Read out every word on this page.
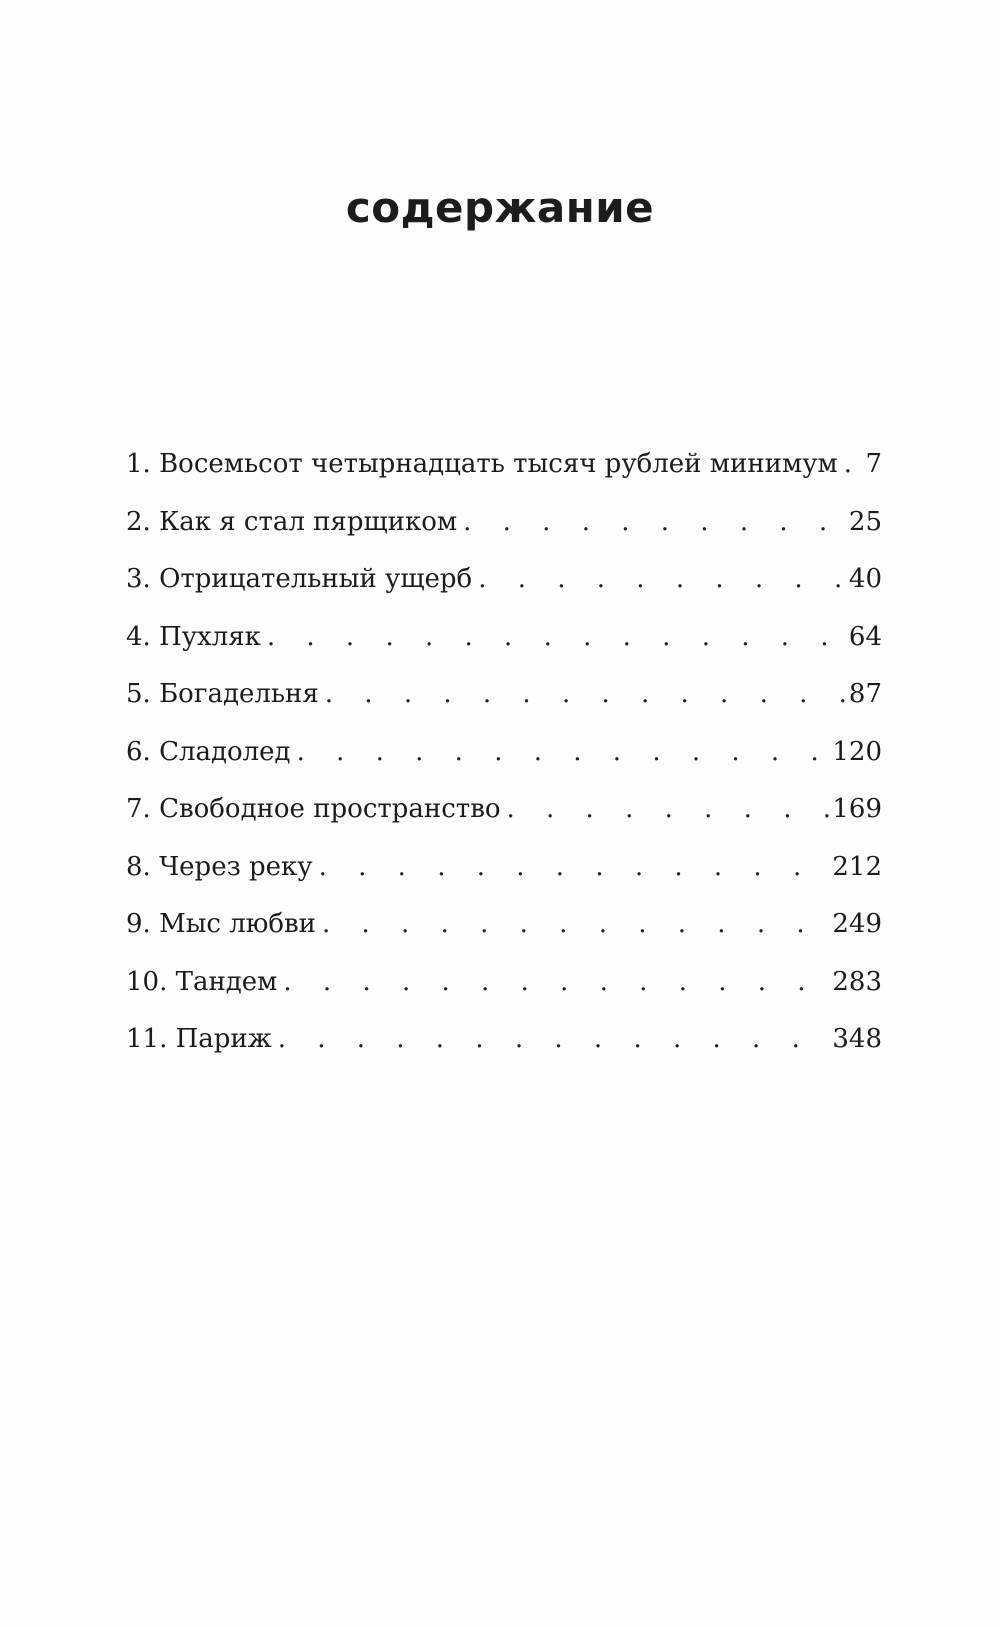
содержание
1. Восемьсот четырнадцать тысяч рублей минимум . . .	7
2. Как я стал пярщиком . . .	25
3. Отрицательный ущерб . . .	40
4. Пухляк . . .	64
5. Богадельня . . .	87
6. Сладолед . . .	120
7. Свободное пространство . . .	169
8. Через реку . . .	212
9. Мыс любви . . .	249
10. Тандем . . .	283
11. Париж . . .	348
